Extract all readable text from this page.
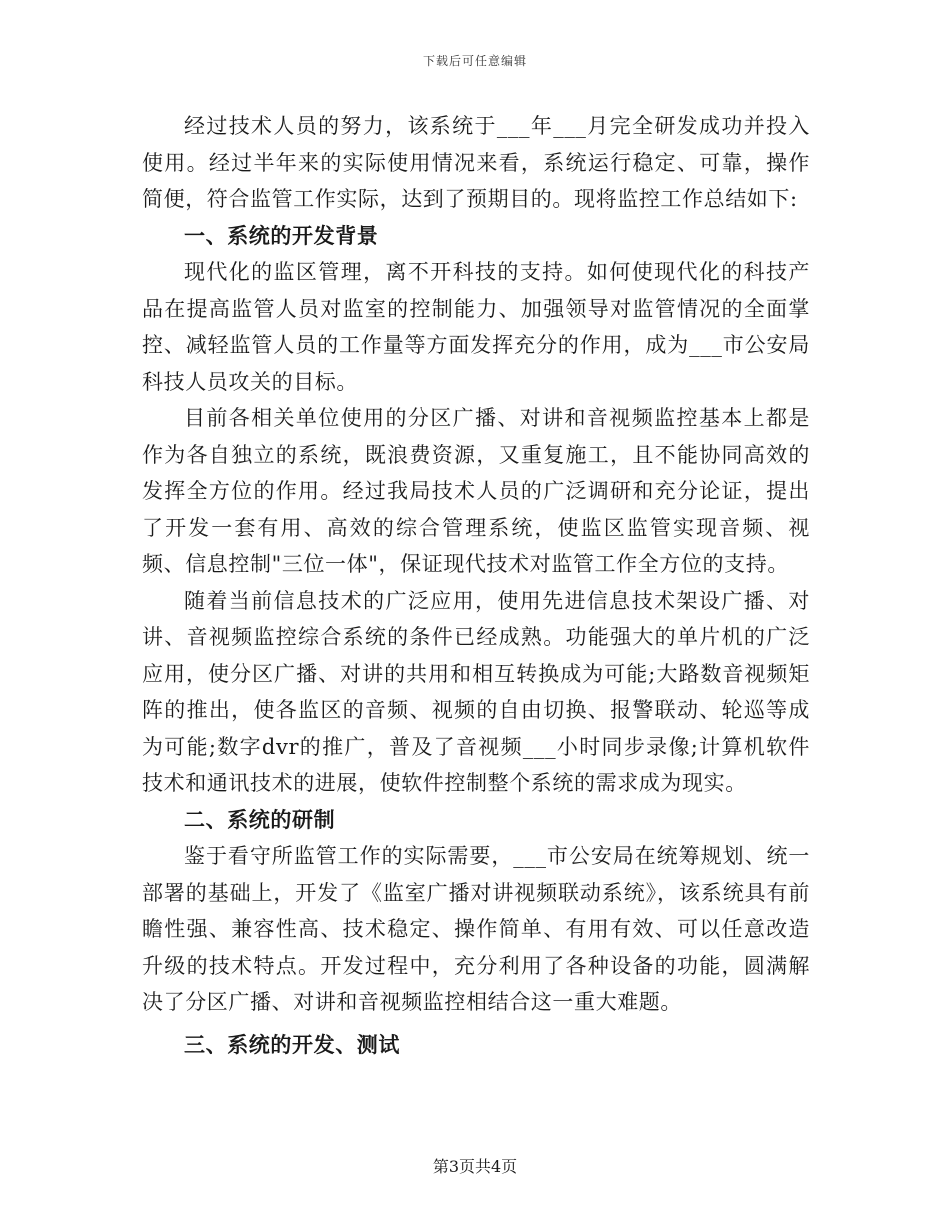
下载后可任意编辑

经过技术人员的努力，该系统于___年___月完全研发成功并投入使用。经过半年来的实际使用情况来看，系统运行稳定、可靠，操作简便，符合监管工作实际，达到了预期目的。现将监控工作总结如下:

一、系统的开发背景

现代化的监区管理，离不开科技的支持。如何使现代化的科技产品在提高监管人员对监室的控制能力、加强领导对监管情况的全面掌控、减轻监管人员的工作量等方面发挥充分的作用，成为___市公安局科技人员攻关的目标。

目前各相关单位使用的分区广播、对讲和音视频监控基本上都是作为各自独立的系统，既浪费资源，又重复施工，且不能协同高效的发挥全方位的作用。经过我局技术人员的广泛调研和充分论证，提出了开发一套有用、高效的综合管理系统，使监区监管实现音频、视频、信息控制"三位一体"，保证现代技术对监管工作全方位的支持。

随着当前信息技术的广泛应用，使用先进信息技术架设广播、对讲、音视频监控综合系统的条件已经成熟。功能强大的单片机的广泛应用，使分区广播、对讲的共用和相互转换成为可能;大路数音视频矩阵的推出，使各监区的音频、视频的自由切换、报警联动、轮巡等成为可能;数字dvr的推广，普及了音视频___小时同步录像;计算机软件技术和通讯技术的进展，使软件控制整个系统的需求成为现实。

二、系统的研制

鉴于看守所监管工作的实际需要，___市公安局在统筹规划、统一部署的基础上，开发了《监室广播对讲视频联动系统》，该系统具有前瞻性强、兼容性高、技术稳定、操作简单、有用有效、可以任意改造升级的技术特点。开发过程中，充分利用了各种设备的功能，圆满解决了分区广播、对讲和音视频监控相结合这一重大难题。

三、系统的开发、测试

第3页共4页
